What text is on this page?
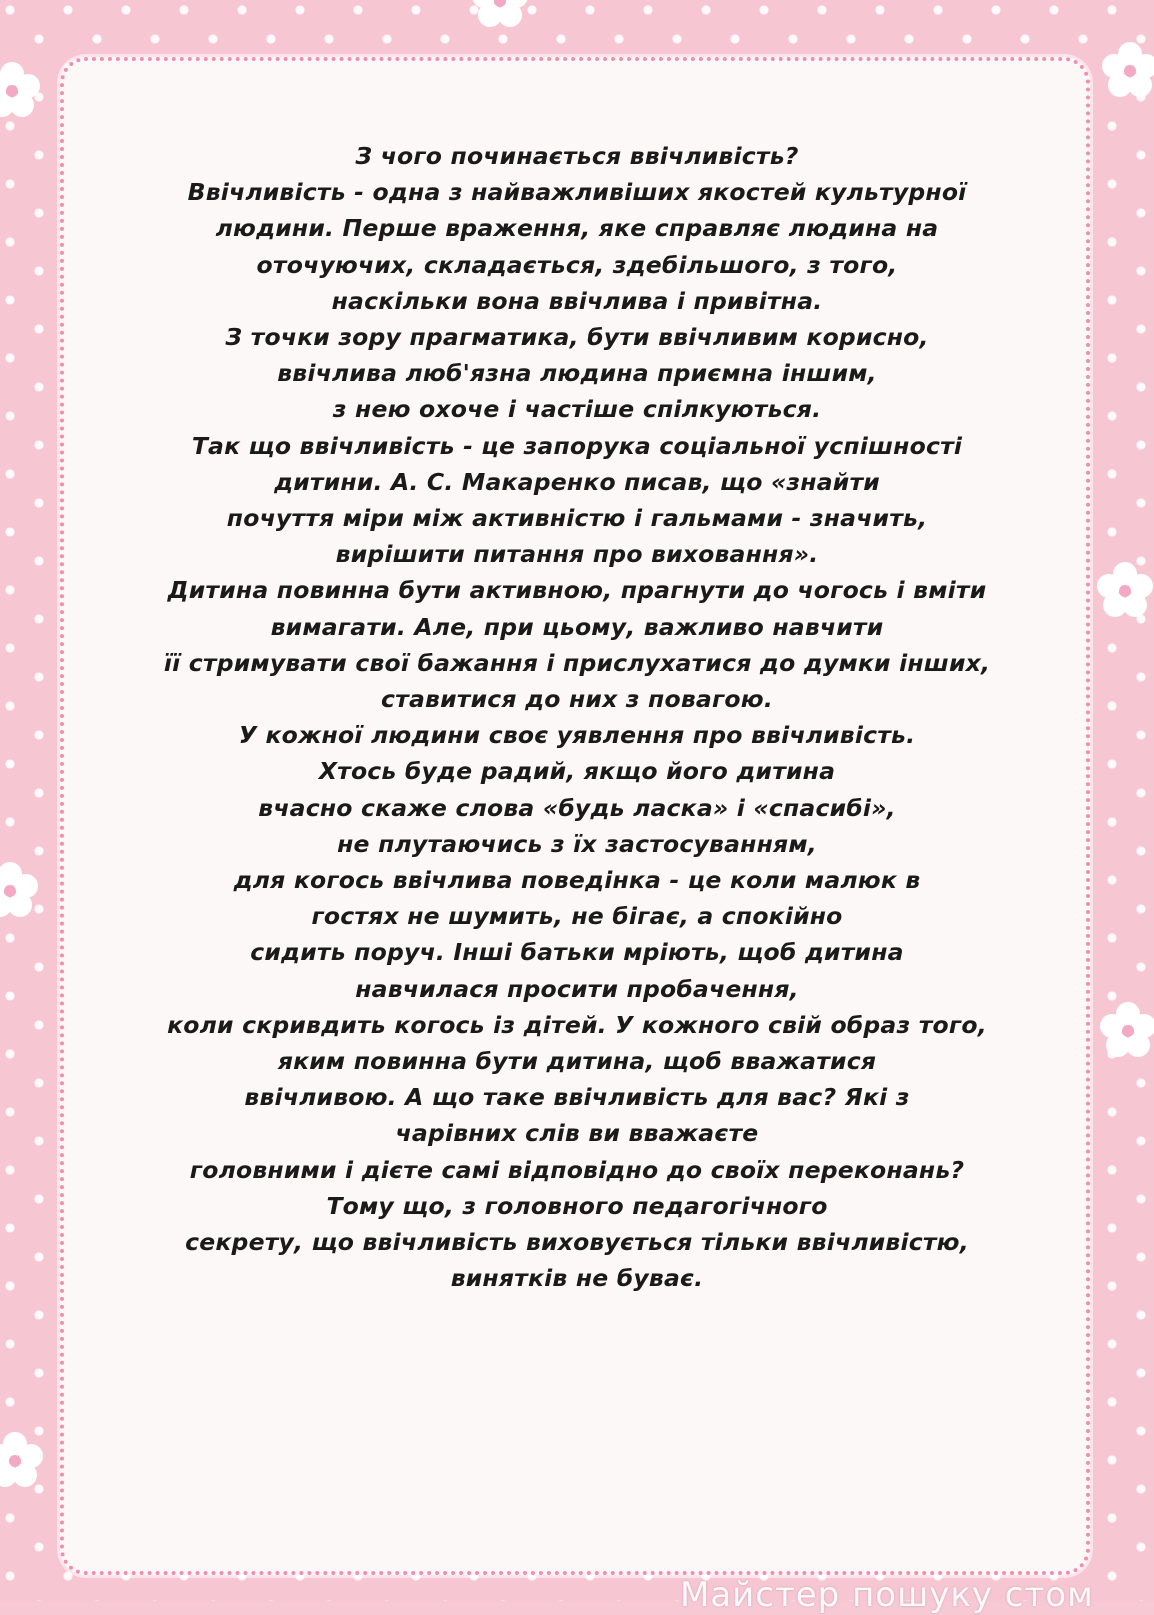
З чого починається ввічливість?
Ввічливість - одна з найважливіших якостей культурної
людини. Перше враження, яке справляє людина на
оточуючих, складається, здебільшого, з того,
наскільки вона ввічлива і привітна.
З точки зору прагматика, бути ввічливим корисно,
ввічлива люб'язна людина приємна іншим,
з нею охоче і частіше спілкуються.
Так що ввічливість - це запорука соціальної успішності
дитини. А. С. Макаренко писав, що «знайти
почуття міри між активністю і гальмами - значить,
вирішити питання про виховання».
Дитина повинна бути активною, прагнути до чогось і вміти
вимагати. Але, при цьому, важливо навчити
її стримувати свої бажання і прислухатися до думки інших,
ставитися до них з повагою.
У кожної людини своє уявлення про ввічливість.
Хтось буде радий, якщо його дитина
вчасно скаже слова «будь ласка» і «спасибі»,
не плутаючись з їх застосуванням,
для когось ввічлива поведінка - це коли малюк в
гостях не шумить, не бігає, а спокійно
сидить поруч. Інші батьки мріють, щоб дитина
навчилася просити пробачення,
коли скривдить когось із дітей. У кожного свій образ того,
яким повинна бути дитина, щоб вважатися
ввічливою. А що таке ввічливість для вас? Які з
чарівних слів ви вважаєте
головними і дієте самі відповідно до своїх переконань?
Тому що, з головного педагогічного
секрету, що ввічливість виховується тільки ввічливістю,
винятків не буває.
Майстер пошуку стом
